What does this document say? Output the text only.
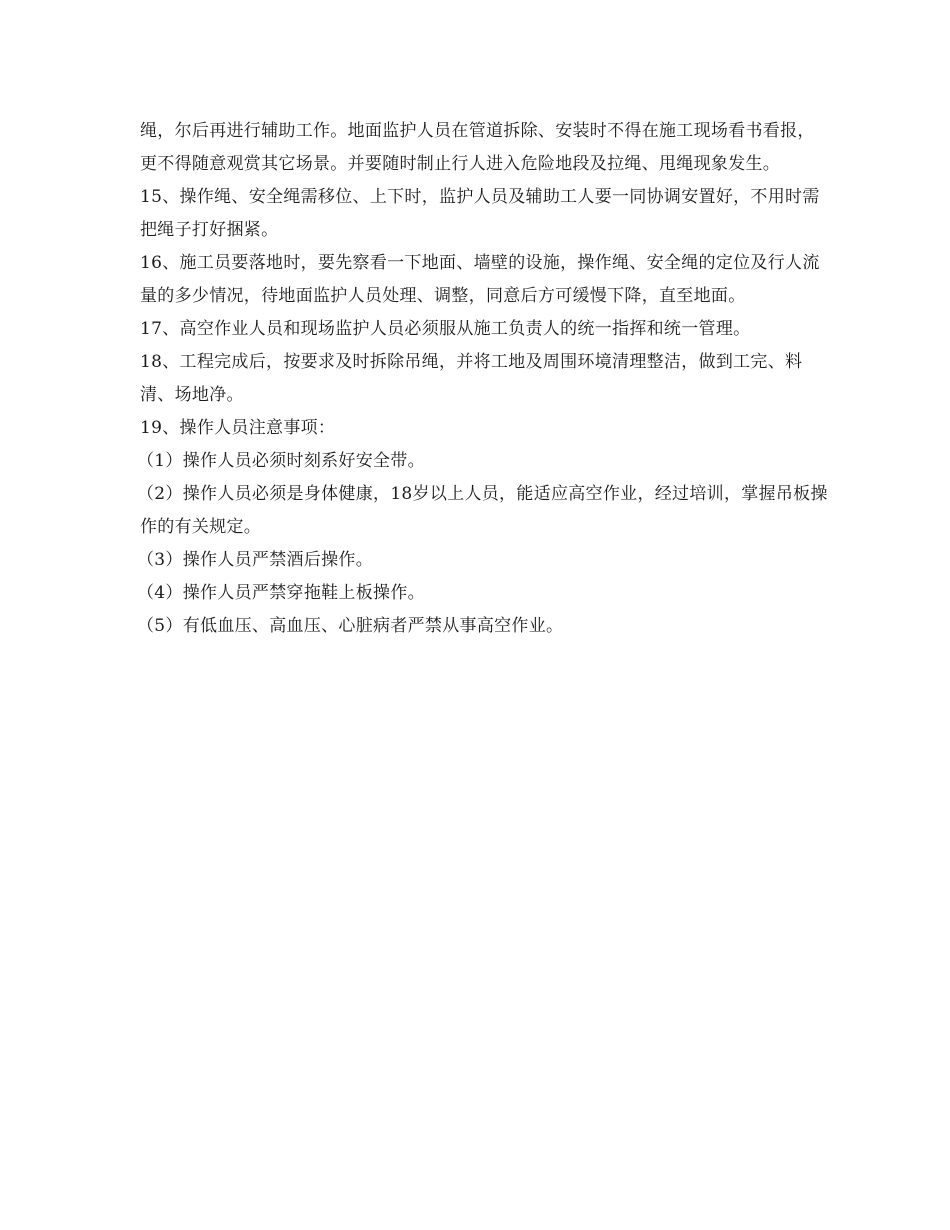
绳，尔后再进行辅助工作。地面监护人员在管道拆除、安装时不得在施工现场看书看报，更不得随意观赏其它场景。并要随时制止行人进入危险地段及拉绳、甩绳现象发生。

15、操作绳、安全绳需移位、上下时，监护人员及辅助工人要一同协调安置好，不用时需把绳子打好捆紧。

16、施工员要落地时，要先察看一下地面、墙壁的设施，操作绳、安全绳的定位及行人流量的多少情况，待地面监护人员处理、调整，同意后方可缓慢下降，直至地面。

17、高空作业人员和现场监护人员必须服从施工负责人的统一指挥和统一管理。

18、工程完成后，按要求及时拆除吊绳，并将工地及周围环境清理整洁，做到工完、料清、场地净。

19、操作人员注意事项：

（1）操作人员必须时刻系好安全带。

（2）操作人员必须是身体健康，18岁以上人员，能适应高空作业，经过培训，掌握吊板操作的有关规定。

（3）操作人员严禁酒后操作。

（4）操作人员严禁穿拖鞋上板操作。

（5）有低血压、高血压、心脏病者严禁从事高空作业。
